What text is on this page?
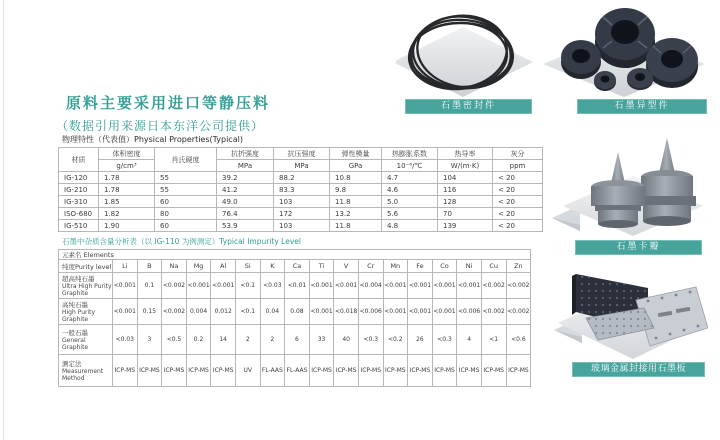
原料主要采用进口等静压料
（数据引用来源日本东洋公司提供）
物理特性（代表值）Physical Properties(Typical)
材质	体积密度	肖氏硬度	抗折强度	抗压强度	弹性模量	热膨胀系数	热导率	灰分
	g/cm³		MPa	MPa	GPa	10⁻⁶/℃	W/(m·K)	ppm
IG-120	1.78	55	39.2	88.2	10.8	4.7	104	< 20
IG-210	1.78	55	41.2	83.3	9.8	4.6	116	< 20
IG-310	1.85	60	49.0	103	11.8	5.0	128	< 20
ISO-680	1.82	80	76.4	172	13.2	5.6	70	< 20
IG-510	1.90	60	53.9	103	11.8	4.8	139	< 20
石墨中杂质含量分析表（以 IG-110 为例测定）Typical Impurity Level
元素名 Elements																	
纯度Purity level	Li	B	Na	Mg	Al	Si	K	Ca	Ti	V	Cr	Mn	Fe	Co	Ni	Cu	Zn

超高纯石墨
Ultra High Purity Graphite	<0.001	0.1	<0.002	<0.001	<0.001	<0.1	<0.03	<0.01	<0.001	<0.001	<0.004	<0.001	<0.001	<0.001	<0.001	<0.002	<0.002

高纯石墨
High Purity Graphite	<0.001	0.15	<0.002	0.004	0.012	<0.1	0.04	0.08	<0.001	<0.018	<0.006	<0.001	<0.001	<0.001	<0.006	<0.002	<0.002

一般石墨
General Graphite	<0.03	3	<0.5	0.2	14	2	2	6	33	40	<0.3	<0.2	26	<0.3	4	<1	<0.6

测定法
Measurement Method	ICP-MS	ICP-MS	ICP-MS	ICP-MS	ICP-MS	UV	FL-AAS	FL-AAS	ICP-MS	ICP-MS	ICP-MS	ICP-MS	ICP-MS	ICP-MS	ICP-MS	ICP-MS	ICP-MS
石墨密封件	石墨异型件
石墨卡瓣
玻璃金属封接用石墨板
